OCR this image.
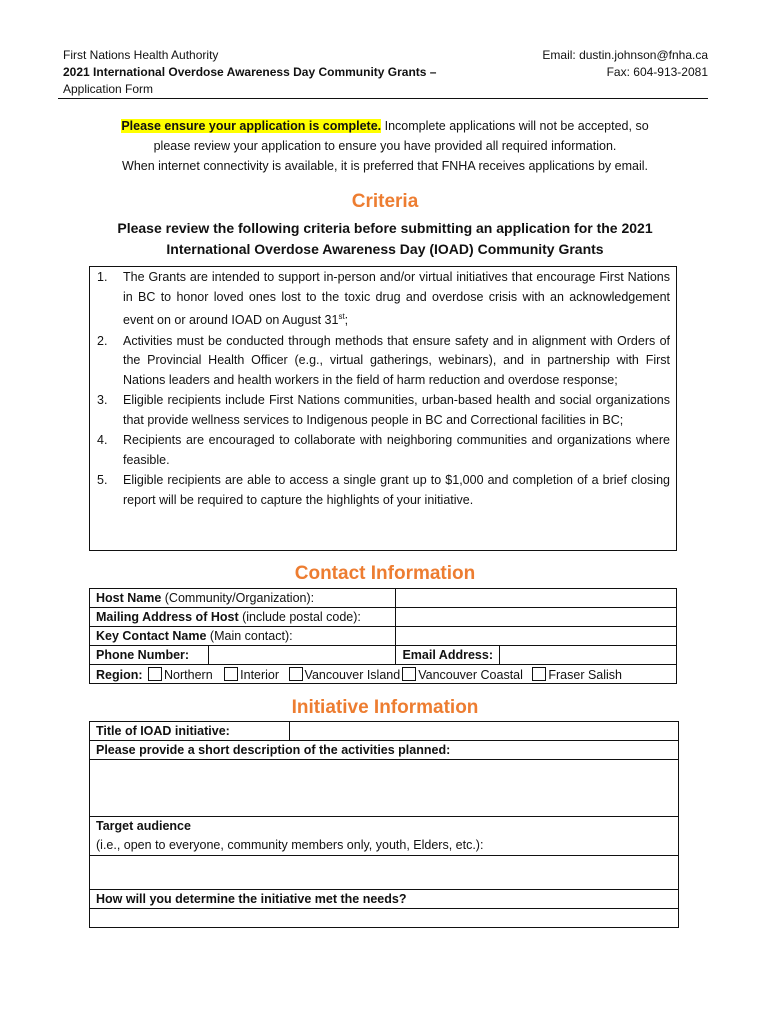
First Nations Health Authority
2021 International Overdose Awareness Day Community Grants –
Application Form
Email: dustin.johnson@fnha.ca
Fax: 604-913-2081
Please ensure your application is complete. Incomplete applications will not be accepted, so
please review your application to ensure you have provided all required information.
When internet connectivity is available, it is preferred that FNHA receives applications by email.
Criteria
Please review the following criteria before submitting an application for the 2021
International Overdose Awareness Day (IOAD) Community Grants
1. The Grants are intended to support in-person and/or virtual initiatives that encourage First Nations in BC to honor loved ones lost to the toxic drug and overdose crisis with an acknowledgement event on or around IOAD on August 31st;
2. Activities must be conducted through methods that ensure safety and in alignment with Orders of the Provincial Health Officer (e.g., virtual gatherings, webinars), and in partnership with First Nations leaders and health workers in the field of harm reduction and overdose response;
3. Eligible recipients include First Nations communities, urban-based health and social organizations that provide wellness services to Indigenous people in BC and Correctional facilities in BC;
4. Recipients are encouraged to collaborate with neighboring communities and organizations where feasible.
5. Eligible recipients are able to access a single grant up to $1,000 and completion of a brief closing report will be required to capture the highlights of your initiative.
Contact Information
Host Name (Community/Organization):			
Mailing Address of Host (include postal code):			
Key Contact Name (Main contact):			
Phone Number:		Email Address:	
Region: Northern Interior Vancouver Island Vancouver Coastal Fraser Salish			
Initiative Information
Title of IOAD initiative:	
Please provide a short description of the activities planned:

Target audience
(i.e., open to everyone, community members only, youth, Elders, etc.):

How will you determine the initiative met the needs?
